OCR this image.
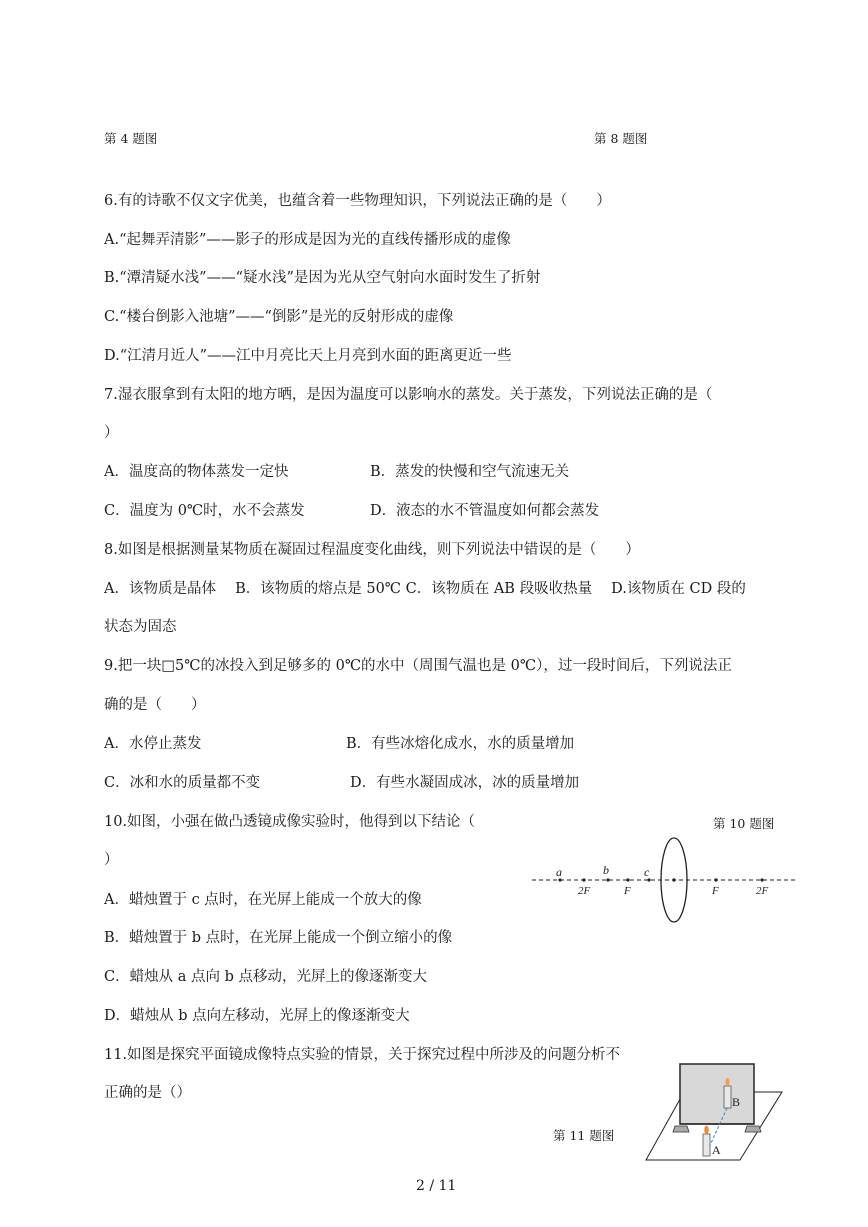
第 4 题图	第 8 题图
6.有的诗歌不仅文字优美，也蕴含着一些物理知识，下列说法正确的是（　　）
A.“起舞弄清影”——影子的形成是因为光的直线传播形成的虚像
B.“潭清疑水浅”——“疑水浅”是因为光从空气射向水面时发生了折射
C.“楼台倒影入池塘”——“倒影”是光的反射形成的虚像
D.“江清月近人”——江中月亮比天上月亮到水面的距离更近一些
7.湿衣服拿到有太阳的地方晒，是因为温度可以影响水的蒸发。关于蒸发，下列说法正确的是（
）
A．温度高的物体蒸发一定快	B．蒸发的快慢和空气流速无关
C．温度为 0℃时，水不会蒸发	D．液态的水不管温度如何都会蒸发
8.如图是根据测量某物质在凝固过程温度变化曲线，则下列说法中错误的是（　　）
A．该物质是晶体　 B．该物质的熔点是 50℃ C．该物质在 AB 段吸收热量　 D.该物质在 CD 段的
状态为固态
9.把一块□5℃的冰投入到足够多的 0℃的水中（周围气温也是 0℃），过一段时间后，下列说法正
确的是（　　）
A．水停止蒸发	B．有些冰熔化成水，水的质量增加
C．冰和水的质量都不变	D．有些水凝固成冰，冰的质量增加
10.如图，小强在做凸透镜成像实验时，他得到以下结论（	第 10 题图
）
A．蜡烛置于 c 点时，在光屏上能成一个放大的像
B．蜡烛置于 b 点时，在光屏上能成一个倒立缩小的像
C．蜡烛从 a 点向 b 点移动，光屏上的像逐渐变大
D．蜡烛从 b 点向左移动，光屏上的像逐渐变大
a	b	c
2F	F	F	2F
11.如图是探究平面镜成像特点实验的情景，关于探究过程中所涉及的问题分析不
正确的是（）
第 11 题图
B
A
2 / 11
